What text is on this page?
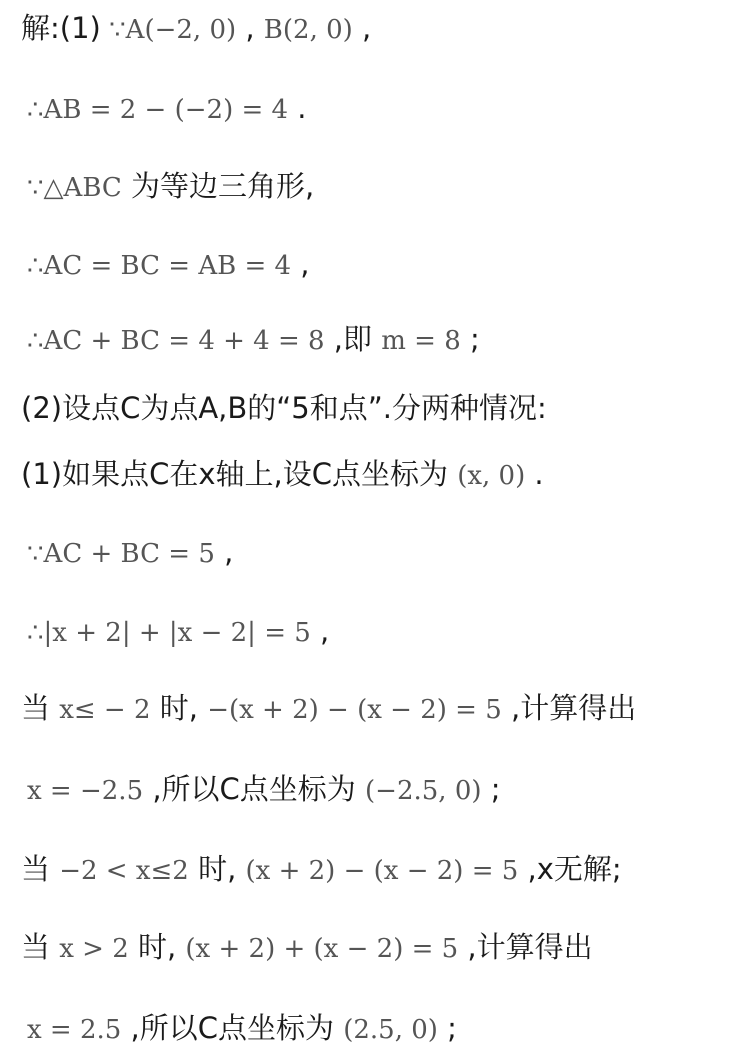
解:(1) ∵A(−2, 0) , B(2, 0) ,
∴AB = 2 − (−2) = 4 .
∵△ABC 为等边三角形,
∴AC = BC = AB = 4 ,
∴AC + BC = 4 + 4 = 8 ,即 m = 8 ;
(2)设点C为点A,B的“5和点”.分两种情况:
(1)如果点C在x轴上,设C点坐标为 (x, 0) .
∵AC + BC = 5 ,
∴|x + 2| + |x − 2| = 5 ,
当 x≤ − 2 时, −(x + 2) − (x − 2) = 5 ,计算得出
x = −2.5 ,所以C点坐标为 (−2.5, 0) ;
当 −2 < x≤2 时, (x + 2) − (x − 2) = 5 ,x无解;
当 x > 2 时, (x + 2) + (x − 2) = 5 ,计算得出
x = 2.5 ,所以C点坐标为 (2.5, 0) ;
